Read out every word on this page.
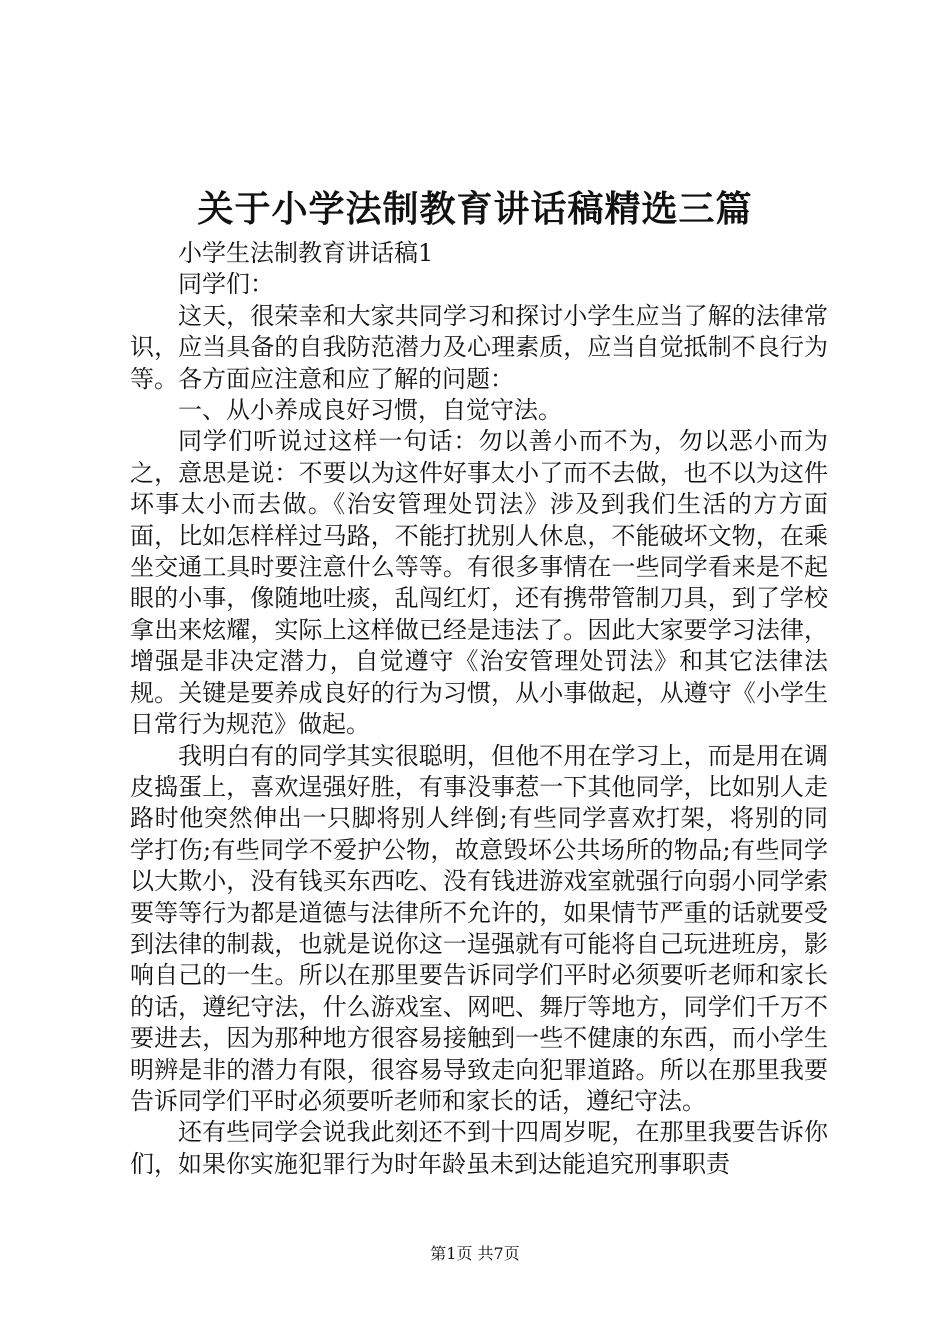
关于小学法制教育讲话稿精选三篇

小学生法制教育讲话稿1

同学们：

这天，很荣幸和大家共同学习和探讨小学生应当了解的法律常识，应当具备的自我防范潜力及心理素质，应当自觉抵制不良行为等。各方面应注意和应了解的问题：

一、从小养成良好习惯，自觉守法。

同学们听说过这样一句话：勿以善小而不为，勿以恶小而为之，意思是说：不要以为这件好事太小了而不去做，也不以为这件坏事太小而去做。《治安管理处罚法》涉及到我们生活的方方面面，比如怎样样过马路，不能打扰别人休息，不能破坏文物，在乘坐交通工具时要注意什么等等。有很多事情在一些同学看来是不起眼的小事，像随地吐痰，乱闯红灯，还有携带管制刀具，到了学校拿出来炫耀，实际上这样做已经是违法了。因此大家要学习法律，增强是非决定潜力，自觉遵守《治安管理处罚法》和其它法律法规。关键是要养成良好的行为习惯，从小事做起，从遵守《小学生日常行为规范》做起。

我明白有的同学其实很聪明，但他不用在学习上，而是用在调皮捣蛋上，喜欢逞强好胜，有事没事惹一下其他同学，比如别人走路时他突然伸出一只脚将别人绊倒;有些同学喜欢打架，将别的同学打伤;有些同学不爱护公物，故意毁坏公共场所的物品;有些同学以大欺小，没有钱买东西吃、没有钱进游戏室就强行向弱小同学索要等等行为都是道德与法律所不允许的，如果情节严重的话就要受到法律的制裁，也就是说你这一逞强就有可能将自己玩进班房，影响自己的一生。所以在那里要告诉同学们平时必须要听老师和家长的话，遵纪守法，什么游戏室、网吧、舞厅等地方，同学们千万不要进去，因为那种地方很容易接触到一些不健康的东西，而小学生明辨是非的潜力有限，很容易导致走向犯罪道路。所以在那里我要告诉同学们平时必须要听老师和家长的话，遵纪守法。

还有些同学会说我此刻还不到十四周岁呢，在那里我要告诉你们，如果你实施犯罪行为时年龄虽未到达能追究刑事职责

第1页 共7页
